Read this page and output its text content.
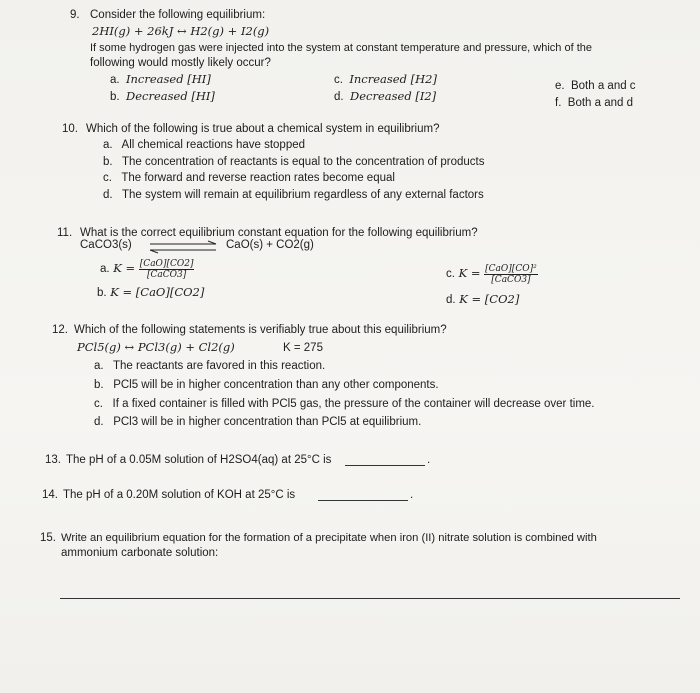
9. Consider the following equilibrium:
2HI(g) + 26kJ ↔ H2(g) + I2(g)
If some hydrogen gas were injected into the system at constant temperature and pressure, which of the
following would mostly likely occur?
a. Increased [HI]
b. Decreased [HI]
c. Increased [H2]
d. Decreased [I2]
e. Both a and c
f. Both a and d
10. Which of the following is true about a chemical system in equilibrium?
a. All chemical reactions have stopped
b. The concentration of reactants is equal to the concentration of products
c. The forward and reverse reaction rates become equal
d. The system will remain at equilibrium regardless of any external factors
11. What is the correct equilibrium constant equation for the following equilibrium?
CaCO3(s)	CaO(s) + CO2(g)
a. $K = \frac{\text{[CaO][CO2]}}{\text{[CaCO3]}}$
b. K = [CaO][CO2]
c. $K = \frac{\text{[CaO][CO]²}}{\text{[CaCO3]}}$
d. K = [CO2]
12. Which of the following statements is verifiably true about this equilibrium?
PCl5(g) ↔ PCl3(g) + Cl2(g)	K = 275
a. The reactants are favored in this reaction.
b. PCl5 will be in higher concentration than any other components.
c. If a fixed container is filled with PCl5 gas, the pressure of the container will decrease over time.
d. PCl3 will be in higher concentration than PCl5 at equilibrium.
13. The pH of a 0.05M solution of H2SO4(aq) at 25°C is	.
14. The pH of a 0.20M solution of KOH at 25°C is	.
15. Write an equilibrium equation for the formation of a precipitate when iron (II) nitrate solution is combined with
ammonium carbonate solution:
